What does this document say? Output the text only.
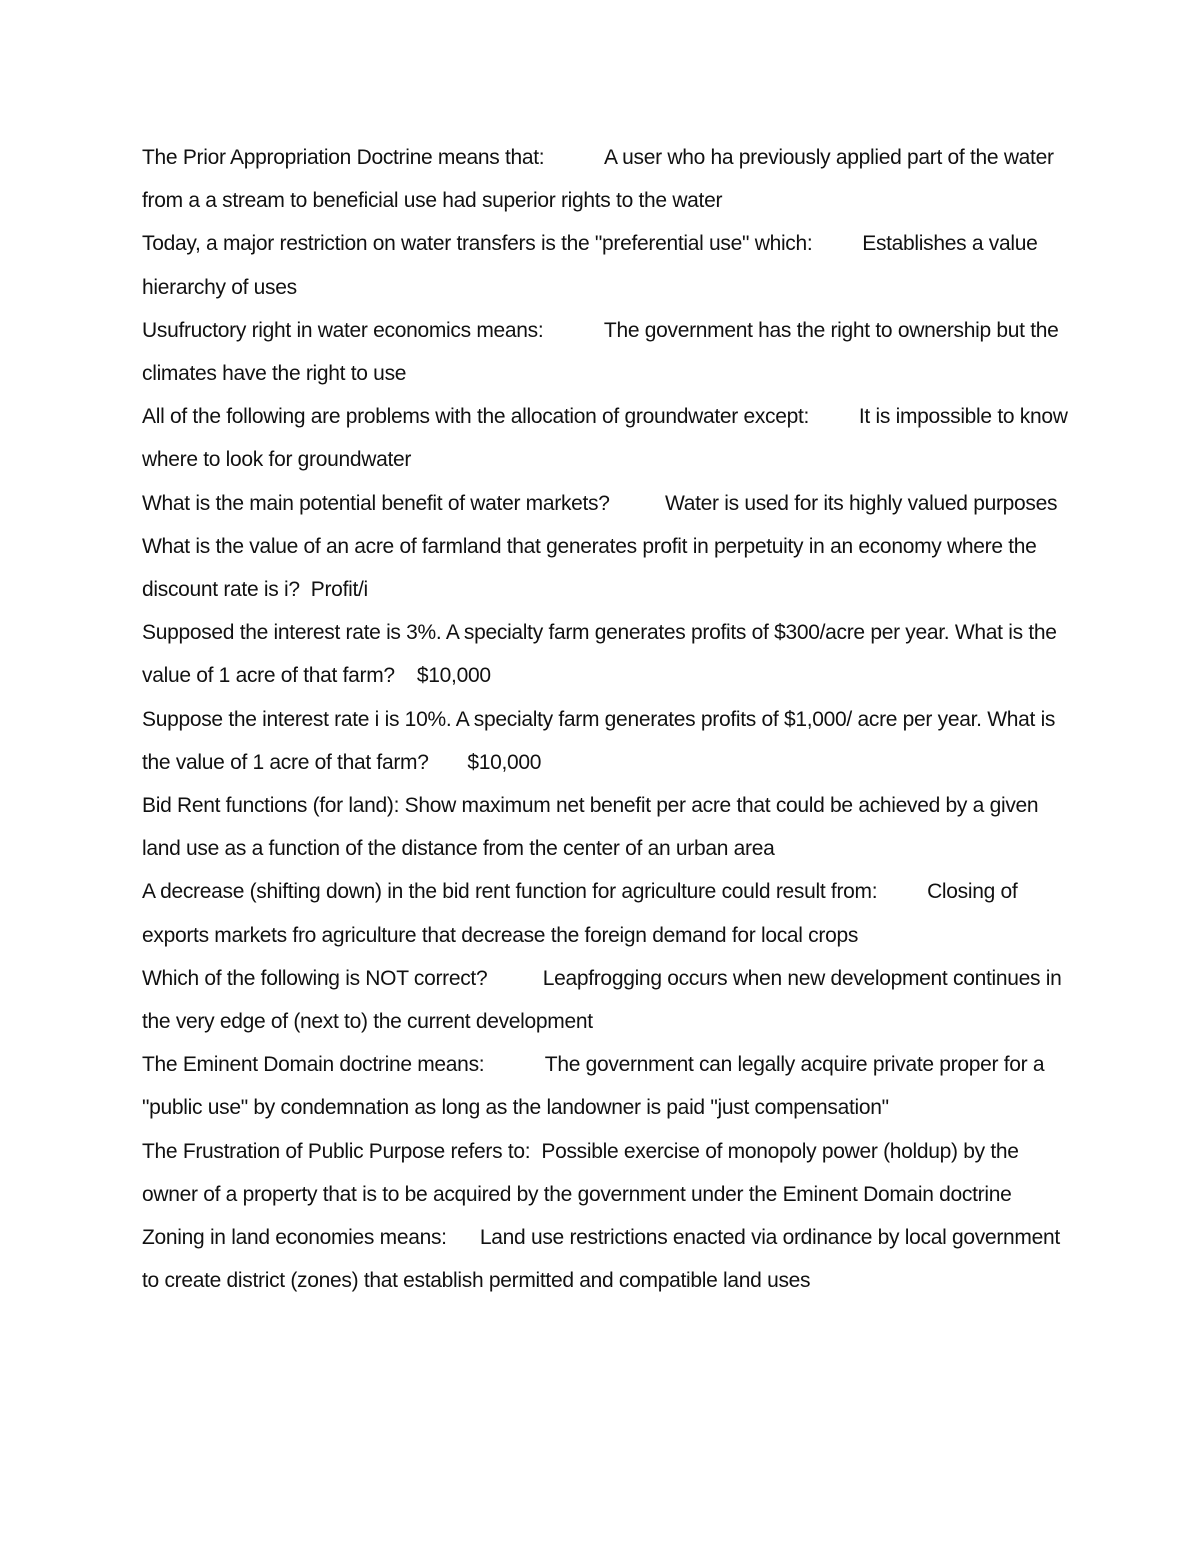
The Prior Appropriation Doctrine means that:           A user who ha previously applied part of the water from a a stream to beneficial use had superior rights to the water

Today, a major restriction on water transfers is the "preferential use" which:         Establishes a value hierarchy of uses

Usufructory right in water economics means:           The government has the right to ownership but the climates have the right to use

All of the following are problems with the allocation of groundwater except:         It is impossible to know where to look for groundwater

What is the main potential benefit of water markets?          Water is used for its highly valued purposes

What is the value of an acre of farmland that generates profit in perpetuity in an economy where the discount rate is i?  Profit/i

Supposed the interest rate is 3%. A specialty farm generates profits of $300/acre per year. What is the value of 1 acre of that farm?    $10,000

Suppose the interest rate i is 10%. A specialty farm generates profits of $1,000/ acre per year. What is the value of 1 acre of that farm?       $10,000

Bid Rent functions (for land): Show maximum net benefit per acre that could be achieved by a given land use as a function of the distance from the center of an urban area

A decrease (shifting down) in the bid rent function for agriculture could result from:         Closing of exports markets fro agriculture that decrease the foreign demand for local crops

Which of the following is NOT correct?          Leapfrogging occurs when new development continues in the very edge of (next to) the current development

The Eminent Domain doctrine means:           The government can legally acquire private proper for a "public use" by condemnation as long as the landowner is paid "just compensation"

The Frustration of Public Purpose refers to:  Possible exercise of monopoly power (holdup) by the owner of a property that is to be acquired by the government under the Eminent Domain doctrine

Zoning in land economies means:      Land use restrictions enacted via ordinance by local government to create district (zones) that establish permitted and compatible land uses
